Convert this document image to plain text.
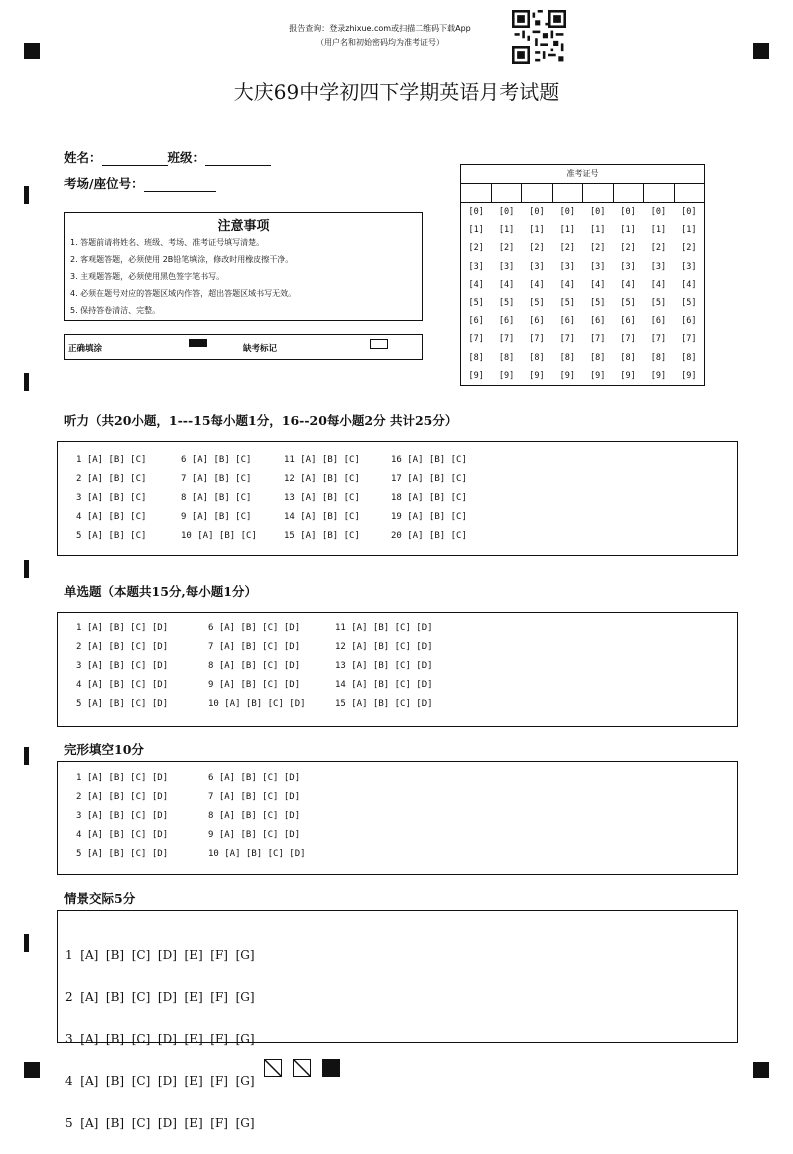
报告查询：登录zhixue.com或扫描二维码下载App
（用户名和初始密码均为准考证号）
大庆69中学初四下学期英语月考试题
姓名：	班级：
考场/座位号：
注意事项
1. 答题前请将姓名、班级、考场、准考证号填写清楚。
2. 客观题答题，必须使用 2B铅笔填涂，修改时用橡皮擦干净。
3. 主观题答题，必须使用黑色签字笔书写。
4. 必须在题号对应的答题区域内作答，超出答题区域书写无效。
5. 保持答卷清洁、完整。
正确填涂	缺考标记
准考证号
[0]
[1]
[2]
[3]
[4]
[5]
[6]
[7]
[8]
[9]
[0]
[1]
[2]
[3]
[4]
[5]
[6]
[7]
[8]
[9]
[0]
[1]
[2]
[3]
[4]
[5]
[6]
[7]
[8]
[9]
[0]
[1]
[2]
[3]
[4]
[5]
[6]
[7]
[8]
[9]
[0]
[1]
[2]
[3]
[4]
[5]
[6]
[7]
[8]
[9]
[0]
[1]
[2]
[3]
[4]
[5]
[6]
[7]
[8]
[9]
[0]
[1]
[2]
[3]
[4]
[5]
[6]
[7]
[8]
[9]
[0]
[1]
[2]
[3]
[4]
[5]
[6]
[7]
[8]
[9]
听力（共20小题，1---15每小题1分，16--20每小题2分 共计25分）
1 [A] [B] [C]
2 [A] [B] [C]
3 [A] [B] [C]
4 [A] [B] [C]
5 [A] [B] [C]
6 [A] [B] [C]
7 [A] [B] [C]
8 [A] [B] [C]
9 [A] [B] [C]
10 [A] [B] [C]
11 [A] [B] [C]
12 [A] [B] [C]
13 [A] [B] [C]
14 [A] [B] [C]
15 [A] [B] [C]
16 [A] [B] [C]
17 [A] [B] [C]
18 [A] [B] [C]
19 [A] [B] [C]
20 [A] [B] [C]
单选题（本题共15分,每小题1分）
1 [A] [B] [C] [D]
2 [A] [B] [C] [D]
3 [A] [B] [C] [D]
4 [A] [B] [C] [D]
5 [A] [B] [C] [D]
6 [A] [B] [C] [D]
7 [A] [B] [C] [D]
8 [A] [B] [C] [D]
9 [A] [B] [C] [D]
10 [A] [B] [C] [D]
11 [A] [B] [C] [D]
12 [A] [B] [C] [D]
13 [A] [B] [C] [D]
14 [A] [B] [C] [D]
15 [A] [B] [C] [D]
完形填空10分
1 [A] [B] [C] [D]
2 [A] [B] [C] [D]
3 [A] [B] [C] [D]
4 [A] [B] [C] [D]
5 [A] [B] [C] [D]
6 [A] [B] [C] [D]
7 [A] [B] [C] [D]
8 [A] [B] [C] [D]
9 [A] [B] [C] [D]
10 [A] [B] [C] [D]
情景交际5分

1  [A]  [B]  [C]  [D]  [E]  [F]  [G]

2  [A]  [B]  [C]  [D]  [E]  [F]  [G]

3  [A]  [B]  [C]  [D]  [E]  [F]  [G]

4  [A]  [B]  [C]  [D]  [E]  [F]  [G]

5  [A]  [B]  [C]  [D]  [E]  [F]  [G]
